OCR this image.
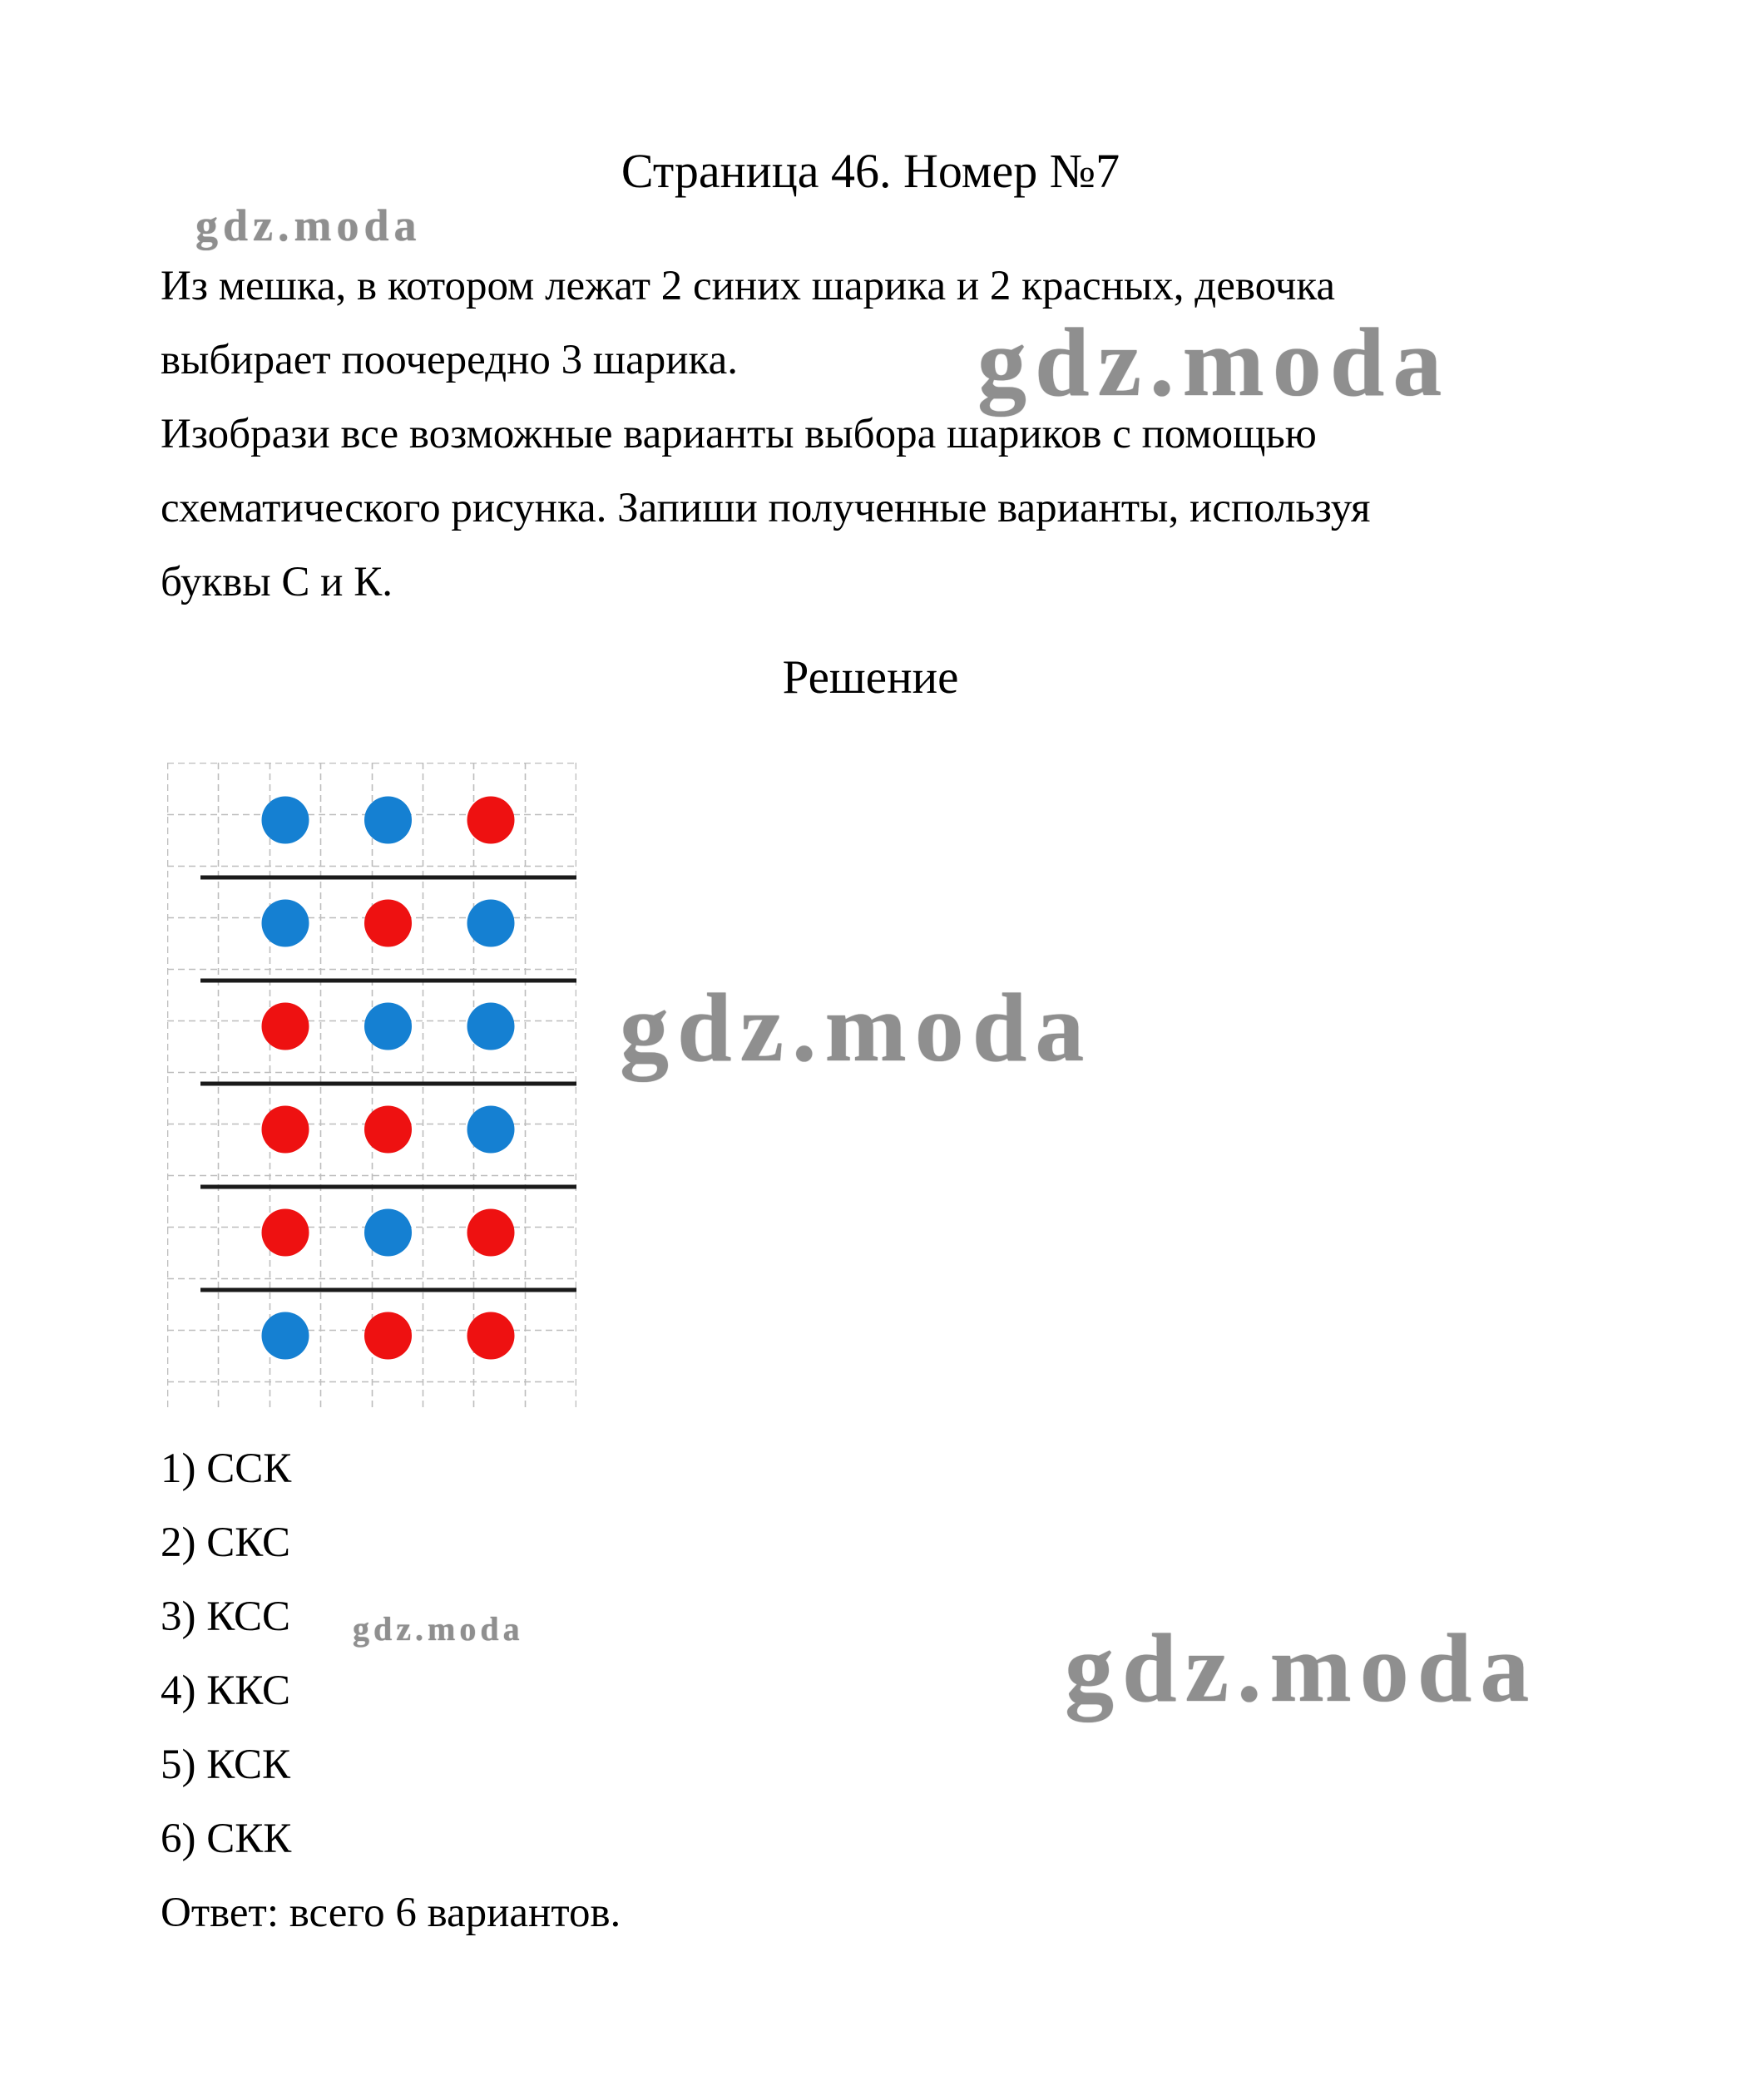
gdz.moda
gdz.moda
gdz.moda
gdz.moda	gdz.moda
Страница 46. Номер №7
Из мешка, в котором лежат 2 синих шарика и 2 красных, девочка
выбирает поочередно 3 шарика.
Изобрази все возможные варианты выбора шариков с помощью
схематического рисунка. Запиши полученные варианты, используя
буквы С и К.
Решение
1) ССК
2) СКС
3) КСС
4) ККС
5) КСК
6) СКК
Ответ: всего 6 вариантов.
